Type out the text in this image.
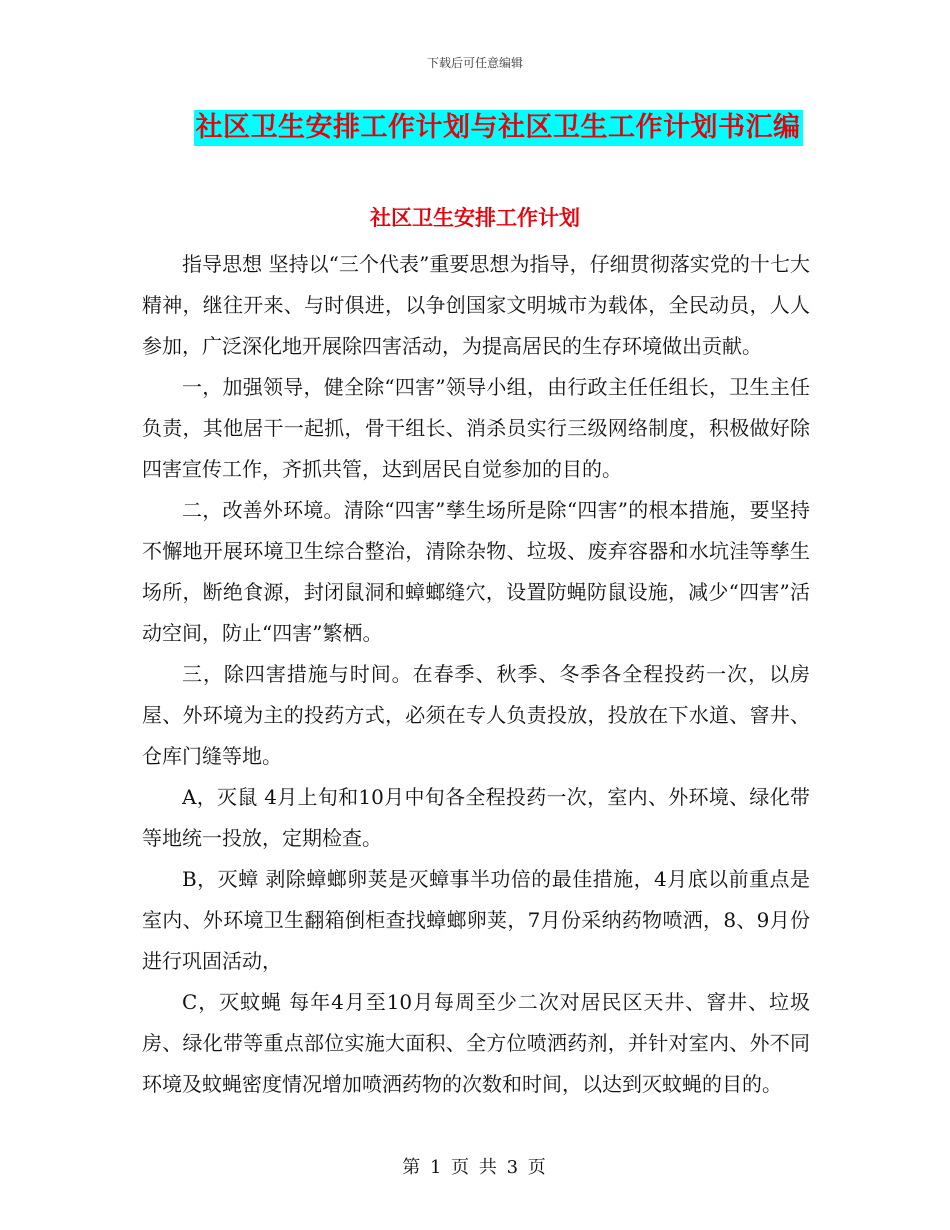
下载后可任意编辑
社区卫生安排工作计划与社区卫生工作计划书汇编
社区卫生安排工作计划

指导思想 坚持以“三个代表”重要思想为指导，仔细贯彻落实党的十七大精神，继往开来、与时俱进，以争创国家文明城市为载体，全民动员，人人参加，广泛深化地开展除四害活动，为提高居民的生存环境做出贡献。

一，加强领导，健全除“四害”领导小组，由行政主任任组长，卫生主任负责，其他居干一起抓，骨干组长、消杀员实行三级网络制度，积极做好除四害宣传工作，齐抓共管，达到居民自觉参加的目的。

二，改善外环境。清除“四害”孳生场所是除“四害”的根本措施，要坚持不懈地开展环境卫生综合整治，清除杂物、垃圾、废弃容器和水坑洼等孳生场所，断绝食源，封闭鼠洞和蟑螂缝穴，设置防蝇防鼠设施，减少“四害”活动空间，防止“四害”繁栖。

三，除四害措施与时间。在春季、秋季、冬季各全程投药一次，以房屋、外环境为主的投药方式，必须在专人负责投放，投放在下水道、窨井、仓库门缝等地。

A，灭鼠 4月上旬和10月中旬各全程投药一次，室内、外环境、绿化带等地统一投放，定期检查。

B，灭蟑 剥除蟑螂卵荚是灭蟑事半功倍的最佳措施，4月底以前重点是室内、外环境卫生翻箱倒柜查找蟑螂卵荚，7月份采纳药物喷洒，8、9月份进行巩固活动，

C，灭蚊蝇 每年4月至10月每周至少二次对居民区天井、窨井、垃圾房、绿化带等重点部位实施大面积、全方位喷洒药剂，并针对室内、外不同环境及蚊蝇密度情况增加喷洒药物的次数和时间，以达到灭蚊蝇的目的。

第 1 页 共 3 页
